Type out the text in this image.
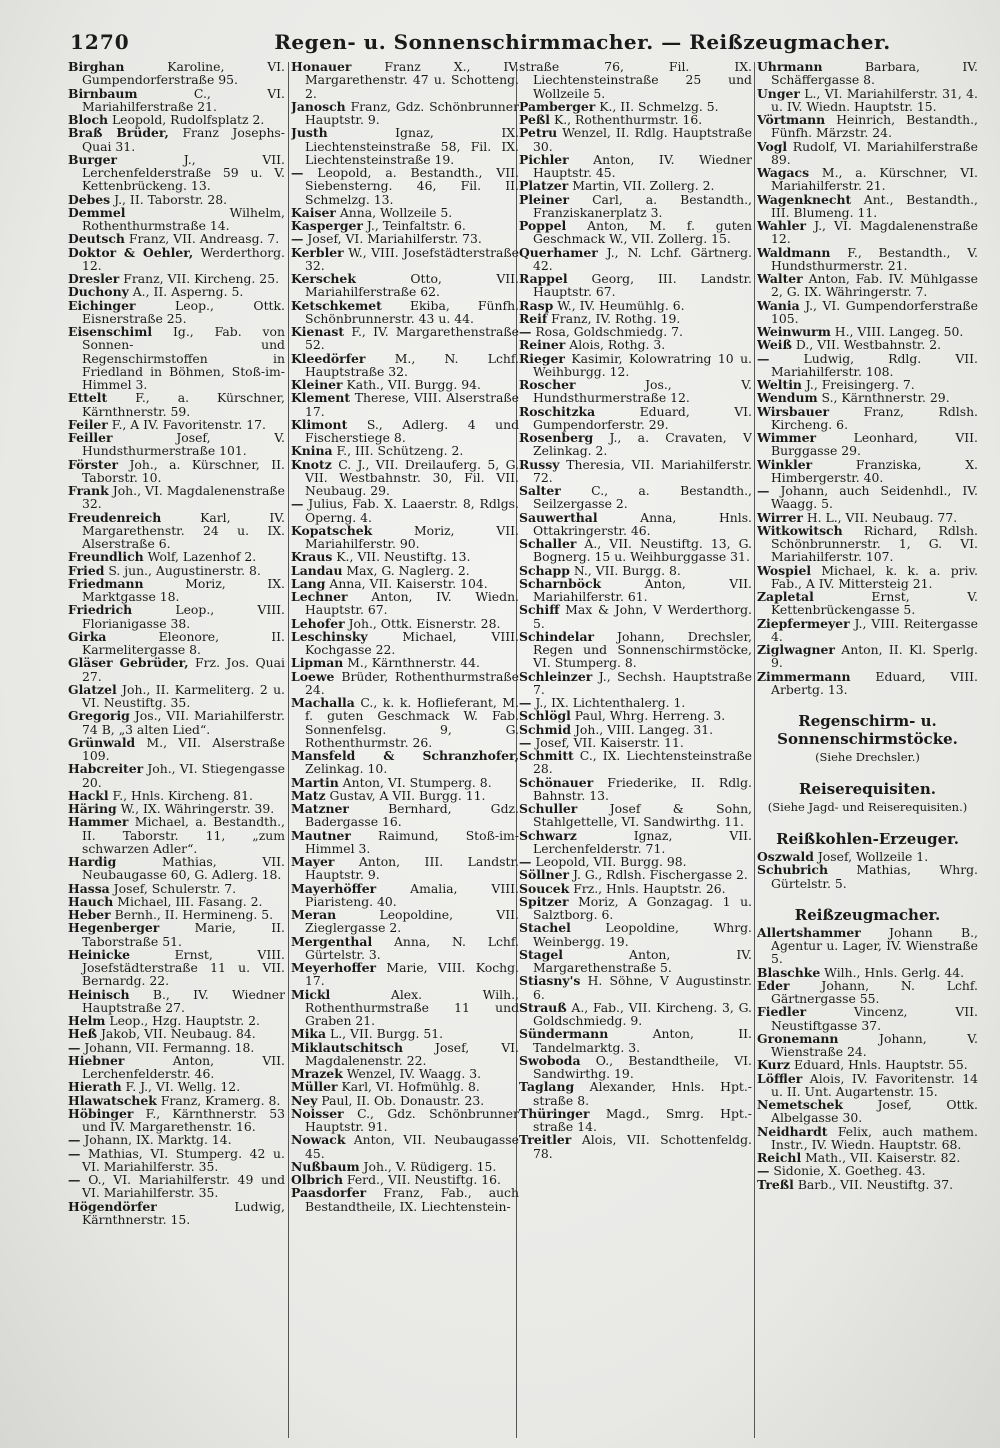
1270	Regen- u. Sonnenschirmmacher. — Reißzeugmacher.

Birghan	Karoline, VI. Gumpendorferstraße 95.

Birnbaum	C., VI. Mariahilferstraße 21.

Bloch Leopold, Rudolfsplatz 2.

Braß Brüder, Franz Josephs-Quai 31.

Burger	J., VII. Lerchenfelderstraße 59 u. V. Kettenbrückeng. 13.

Debes J., II. Taborstr. 28.

Demmel	Wilhelm, Rothenthurmstraße 14.

Deutsch Franz, VII. Andreasg. 7.

Doktor & Oehler, Werderthorg. 12.

Dresler Franz, VII. Kircheng. 25.

Duchony A., II. Asperng. 5.

Eichinger	Leop., Ottk. Eisnerstraße 25.

Eisenschiml Ig., Fab. von Sonnen- und Regenschirmstoffen in Friedland in Böhmen, Stoß-im-Himmel 3.

Ettelt F., a. Kürschner, Kärnthnerstr. 59.

Feiler F., A IV. Favoritenstr. 17.

Feiller	Josef, V. Hundsthurmerstraße 101.

Förster Joh., a. Kürschner, II. Taborstr. 10.

Frank Joh., VI. Magdalenenstraße 32.

Freudenreich	Karl, IV. Margarethenstr. 24 u. IX. Alserstraße 6.

Freundlich Wolf, Lazenhof 2.

Fried S. jun., Augustinerstr. 8.

Friedmann	Moriz, IX. Marktgasse 18.

Friedrich	Leop., VIII. Florianigasse 38.

Girka	Eleonore, II. Karmelitergasse 8.

Gläser Gebrüder, Frz. Jos. Quai 27.

Glatzel Joh., II. Karmeliterg. 2 u. VI. Neustiftg. 35.

Gregorig Jos., VII. Mariahilferstr. 74 B, „3 alten Lied“.

Grünwald M., VII. Alserstraße 109.

Habcreiter Joh., VI. Stiegengasse 20.

Hackl F., Hnls. Kircheng. 81.

Häring W., IX. Währingerstr. 39.

Hammer Michael, a. Bestandth., II. Taborstr. 11, „zum schwarzen Adler“.

Hardig	Mathias, VII. Neubaugasse 60, G. Adlerg. 18.

Hassa Josef, Schulerstr. 7.

Hauch Michael, III. Fasang. 2.

Heber Bernh., II. Hermineng. 5.

Hegenberger	Marie, II. Taborstraße 51.

Heinicke	Ernst, VIII. Josefstädterstraße 11 u. VII. Bernardg. 22.

Heinisch B., IV. Wiedner Hauptstraße 27.

Helm Leop., Hzg. Hauptstr. 2.

Heß Jakob, VII. Neubaug. 84.

— Johann, VII. Fermanng. 18.

Hiebner	Anton, VII. Lerchenfelderstr. 46.

Hierath F. J., VI. Wellg. 12.

Hlawatschek Franz, Kramerg. 8.

Höbinger F., Kärnthnerstr. 53 und IV. Margarethenstr. 16.

— Johann, IX. Marktg. 14.

— Mathias, VI. Stumperg. 42 u. VI. Mariahilferstr. 35.

— O., VI. Mariahilferstr. 49 und VI. Mariahilferstr. 35.

Högendörfer	Ludwig, Kärnthnerstr. 15.

Honauer	Franz X., IV. Margarethenstr. 47 u. Schotteng. 2.

Janosch Franz, Gdz. Schönbrunner Hauptstr. 9.

Justh	Ignaz, IX. Liechtensteinstraße 58, Fil. IX. Liechtensteinstraße 19.

— Leopold, a. Bestandth., VII. Siebensterng. 46, Fil. II. Schmelzg. 13.

Kaiser Anna, Wollzeile 5.

Kasperger J., Teinfaltstr. 6.

— Josef, VI. Mariahilferstr. 73.

Kerbler W., VIII. Josefstädterstraße 32.

Kerschek	Otto, VII. Mariahilferstraße 62.

Ketschkemet Ekiba, Fünfh. Schönbrunnerstr. 43 u. 44.

Kienast F., IV. Margarethenstraße 52.

Kleedörfer M., N. Lchf. Hauptstraße 32.

Kleiner Kath., VII. Burgg. 94.

Klement Therese, VIII. Alserstraße 17.

Klimont S., Adlerg. 4 und Fischerstiege 8.

Knina F., III. Schützeng. 2.

Knotz C. J., VII. Dreilauferg. 5, G. VII. Westbahnstr. 30, Fil. VII. Neubaug. 29.

— Julius, Fab. X. Laaerstr. 8, Rdlgs. Operng. 4.

Kopatschek	Moriz, VII. Mariahilferstr. 90.

Kraus K., VII. Neustiftg. 13.

Landau Max, G. Naglerg. 2.

Lang Anna, VII. Kaiserstr. 104.

Lechner Anton, IV. Wiedn. Hauptstr. 67.

Lehofer Joh., Ottk. Eisnerstr. 28.

Leschinsky	Michael, VIII. Kochgasse 22.

Lipman M., Kärnthnerstr. 44.

Loewe Brüder, Rothenthurmstraße 24.

Machalla C., k. k. Hoflieferant, M. f. guten Geschmack W. Fab. Sonnenfelsg. 9, G. Rothenthurmstr. 26.

Mansfeld & Schranzhofer, Zelinkag. 10.

Martin Anton, VI. Stumperg. 8.

Matz Gustav, A VII. Burgg. 11.

Matzner	Bernhard, Gdz. Badergasse 16.

Mautner Raimund, Stoß-im-Himmel 3.

Mayer Anton, III. Landstr. Hauptstr. 9.

Mayerhöffer	Amalia, VIII. Piaristeng. 40.

Meran	Leopoldine, VII. Zieglergasse 2.

Mergenthal Anna, N. Lchf. Gürtelstr. 3.

Meyerhoffer Marie, VIII. Kochg. 17.

Mickl	Alex. Wilh., Rothenthurmstraße 11 und Graben 21.

Mika L., VII. Burgg. 51.

Miklautschitsch	Josef, VI. Magdalenenstr. 22.

Mrazek Wenzel, IV. Waagg. 3.

Müller Karl, VI. Hofmühlg. 8.

Ney Paul, II. Ob. Donaustr. 23.

Noisser C., Gdz. Schönbrunner Hauptstr. 91.

Nowack Anton, VII. Neubaugasse 45.

Nußbaum Joh., V. Rüdigerg. 15.

Olbrich Ferd., VII. Neustiftg. 16.

Paasdorfer Franz, Fab., auch Bestandtheile, IX. Liechtenstein-

straße 76, Fil. IX. Liechtensteinstraße 25 und Wollzeile 5.

Pamberger K., II. Schmelzg. 5.

Peßl K., Rothenthurmstr. 16.

Petru Wenzel, II. Rdlg. Hauptstraße 30.

Pichler Anton, IV. Wiedner Hauptstr. 45.

Platzer Martin, VII. Zollerg. 2.

Pleiner Carl, a. Bestandth., Franziskanerplatz 3.

Poppel Anton, M. f. guten Geschmack W., VII. Zollerg. 15.

Querhamer J., N. Lchf. Gärtnerg. 42.

Rappel Georg, III. Landstr. Hauptstr. 67.

Rasp W., IV. Heumühlg. 6.

Reif Franz, IV. Rothg. 19.

— Rosa, Goldschmiedg. 7.

Reiner Alois, Rothg. 3.

Rieger Kasimir, Kolowratring 10 u. Weihburgg. 12.

Roscher	Jos., V. Hundsthurmerstraße 12.

Roschitzka	Eduard, VI. Gumpendorferstr. 29.

Rosenberg J., a. Cravaten, V Zelinkag. 2.

Russy Theresia, VII. Mariahilferstr. 72.

Salter C., a. Bestandth., Seilzergasse 2.

Sauwerthal	Anna, Hnls. Ottakringerstr. 46.

Schaller A., VII. Neustiftg. 13, G. Bognerg. 15 u. Weihburggasse 31.

Schapp N., VII. Burgg. 8.

Scharnböck	Anton, VII. Mariahilferstr. 61.

Schiff Max & John, V Werderthorg. 5.

Schindelar Johann, Drechsler, Regen und Sonnenschirmstöcke, VI. Stumperg. 8.

Schleinzer J., Sechsh. Hauptstraße 7.

— J., IX. Lichtenthalerg. 1.

Schlögl Paul, Whrg. Herreng. 3.

Schmid Joh., VIII. Langeg. 31.

— Josef, VII. Kaiserstr. 11.

Schmitt C., IX. Liechtensteinstraße 28.

Schönauer Friederike, II. Rdlg. Bahnstr. 13.

Schuller	Josef & Sohn, Stahlgettelle, VI. Sandwirthg. 11.

Schwarz	Ignaz, VII. Lerchenfelderstr. 71.

— Leopold, VII. Burgg. 98.

Söllner J. G., Rdlsh. Fischergasse 2.

Soucek Frz., Hnls. Hauptstr. 26.

Spitzer Moriz, A Gonzagag. 1 u. Salztborg. 6.

Stachel	Leopoldine, Whrg. Weinbergg. 19.

Stagel	Anton, IV. Margarethenstraße 5.

Stiasny's H. Söhne, V Augustinstr. 6.

Strauß A., Fab., VII. Kircheng. 3, G. Goldschmiedg. 9.

Sündermann	Anton, II. Tandelmarktg. 3.

Swoboda O., Bestandtheile, VI. Sandwirthg. 19.

Taglang Alexander, Hnls. Hpt.-straße 8.

Thüringer Magd., Smrg. Hpt.-straße 14.

Treitler Alois, VII. Schottenfeldg. 78.

Uhrmann	Barbara, IV. Schäffergasse 8.

Unger L., VI. Mariahilferstr. 31, 4. u. IV. Wiedn. Hauptstr. 15.

Vörtmann Heinrich, Bestandth., Fünfh. Märzstr. 24.

Vogl Rudolf, VI. Mariahilferstraße 89.

Wagacs M., a. Kürschner, VI. Mariahilferstr. 21.

Wagenknecht Ant., Bestandth., III. Blumeng. 11.

Wahler J., VI. Magdalenenstraße 12.

Waldmann F., Bestandth., V. Hundsthurmerstr. 21.

Walter Anton, Fab. IV. Mühlgasse 2, G. IX. Währingerstr. 7.

Wania J., VI. Gumpendorferstraße 105.

Weinwurm H., VIII. Langeg. 50.

Weiß D., VII. Westbahnstr. 2.

—	Ludwig, Rdlg. VII. Mariahilferstr. 108.

Weltin J., Freisingerg. 7.

Wendum S., Kärnthnerstr. 29.

Wirsbauer	Franz, Rdlsh. Kircheng. 6.

Wimmer	Leonhard, VII. Burggasse 29.

Winkler	Franziska, X. Himbergerstr. 40.

— Johann, auch Seidenhdl., IV. Waagg. 5.

Wirrer H. L., VII. Neubaug. 77.

Witkowitsch Richard, Rdlsh. Schönbrunnerstr. 1, G. VI. Mariahilferstr. 107.

Wospiel Michael, k. k. a. priv. Fab., A IV. Mittersteig 21.

Zapletal	Ernst, V. Kettenbrückengasse 5.

Ziepfermeyer J., VIII. Reitergasse 4.

Ziglwagner Anton, II. Kl. Sperlg. 9.

Zimmermann Eduard, VIII. Arbertg. 13.

Regenschirm- u. Sonnenschirmstöcke.
(Siehe Drechsler.)
Reiserequisiten.
(Siehe Jagd- und Reiserequisiten.)
Reißkohlen-Erzeuger.

Oszwald Josef, Wollzeile 1.

Schubrich Mathias, Whrg. Gürtelstr. 5.

Reißzeugmacher.

Allertshammer Johann B., Agentur u. Lager, IV. Wienstraße 5.

Blaschke Wilh., Hnls. Gerlg. 44.

Eder	Johann, N. Lchf. Gärtnergasse 55.

Fiedler	Vincenz, VII. Neustiftgasse 37.

Gronemann	Johann, V. Wienstraße 24.

Kurz Eduard, Hnls. Hauptstr. 55.

Löffler Alois, IV. Favoritenstr. 14 u. II. Unt. Augartenstr. 15.

Nemetschek	Josef, Ottk. Albelgasse 30.

Neidhardt Felix, auch mathem. Instr., IV. Wiedn. Hauptstr. 68.

Reichl Math., VII. Kaiserstr. 82.

— Sidonie, X. Goetheg. 43.

Treßl Barb., VII. Neustiftg. 37.
